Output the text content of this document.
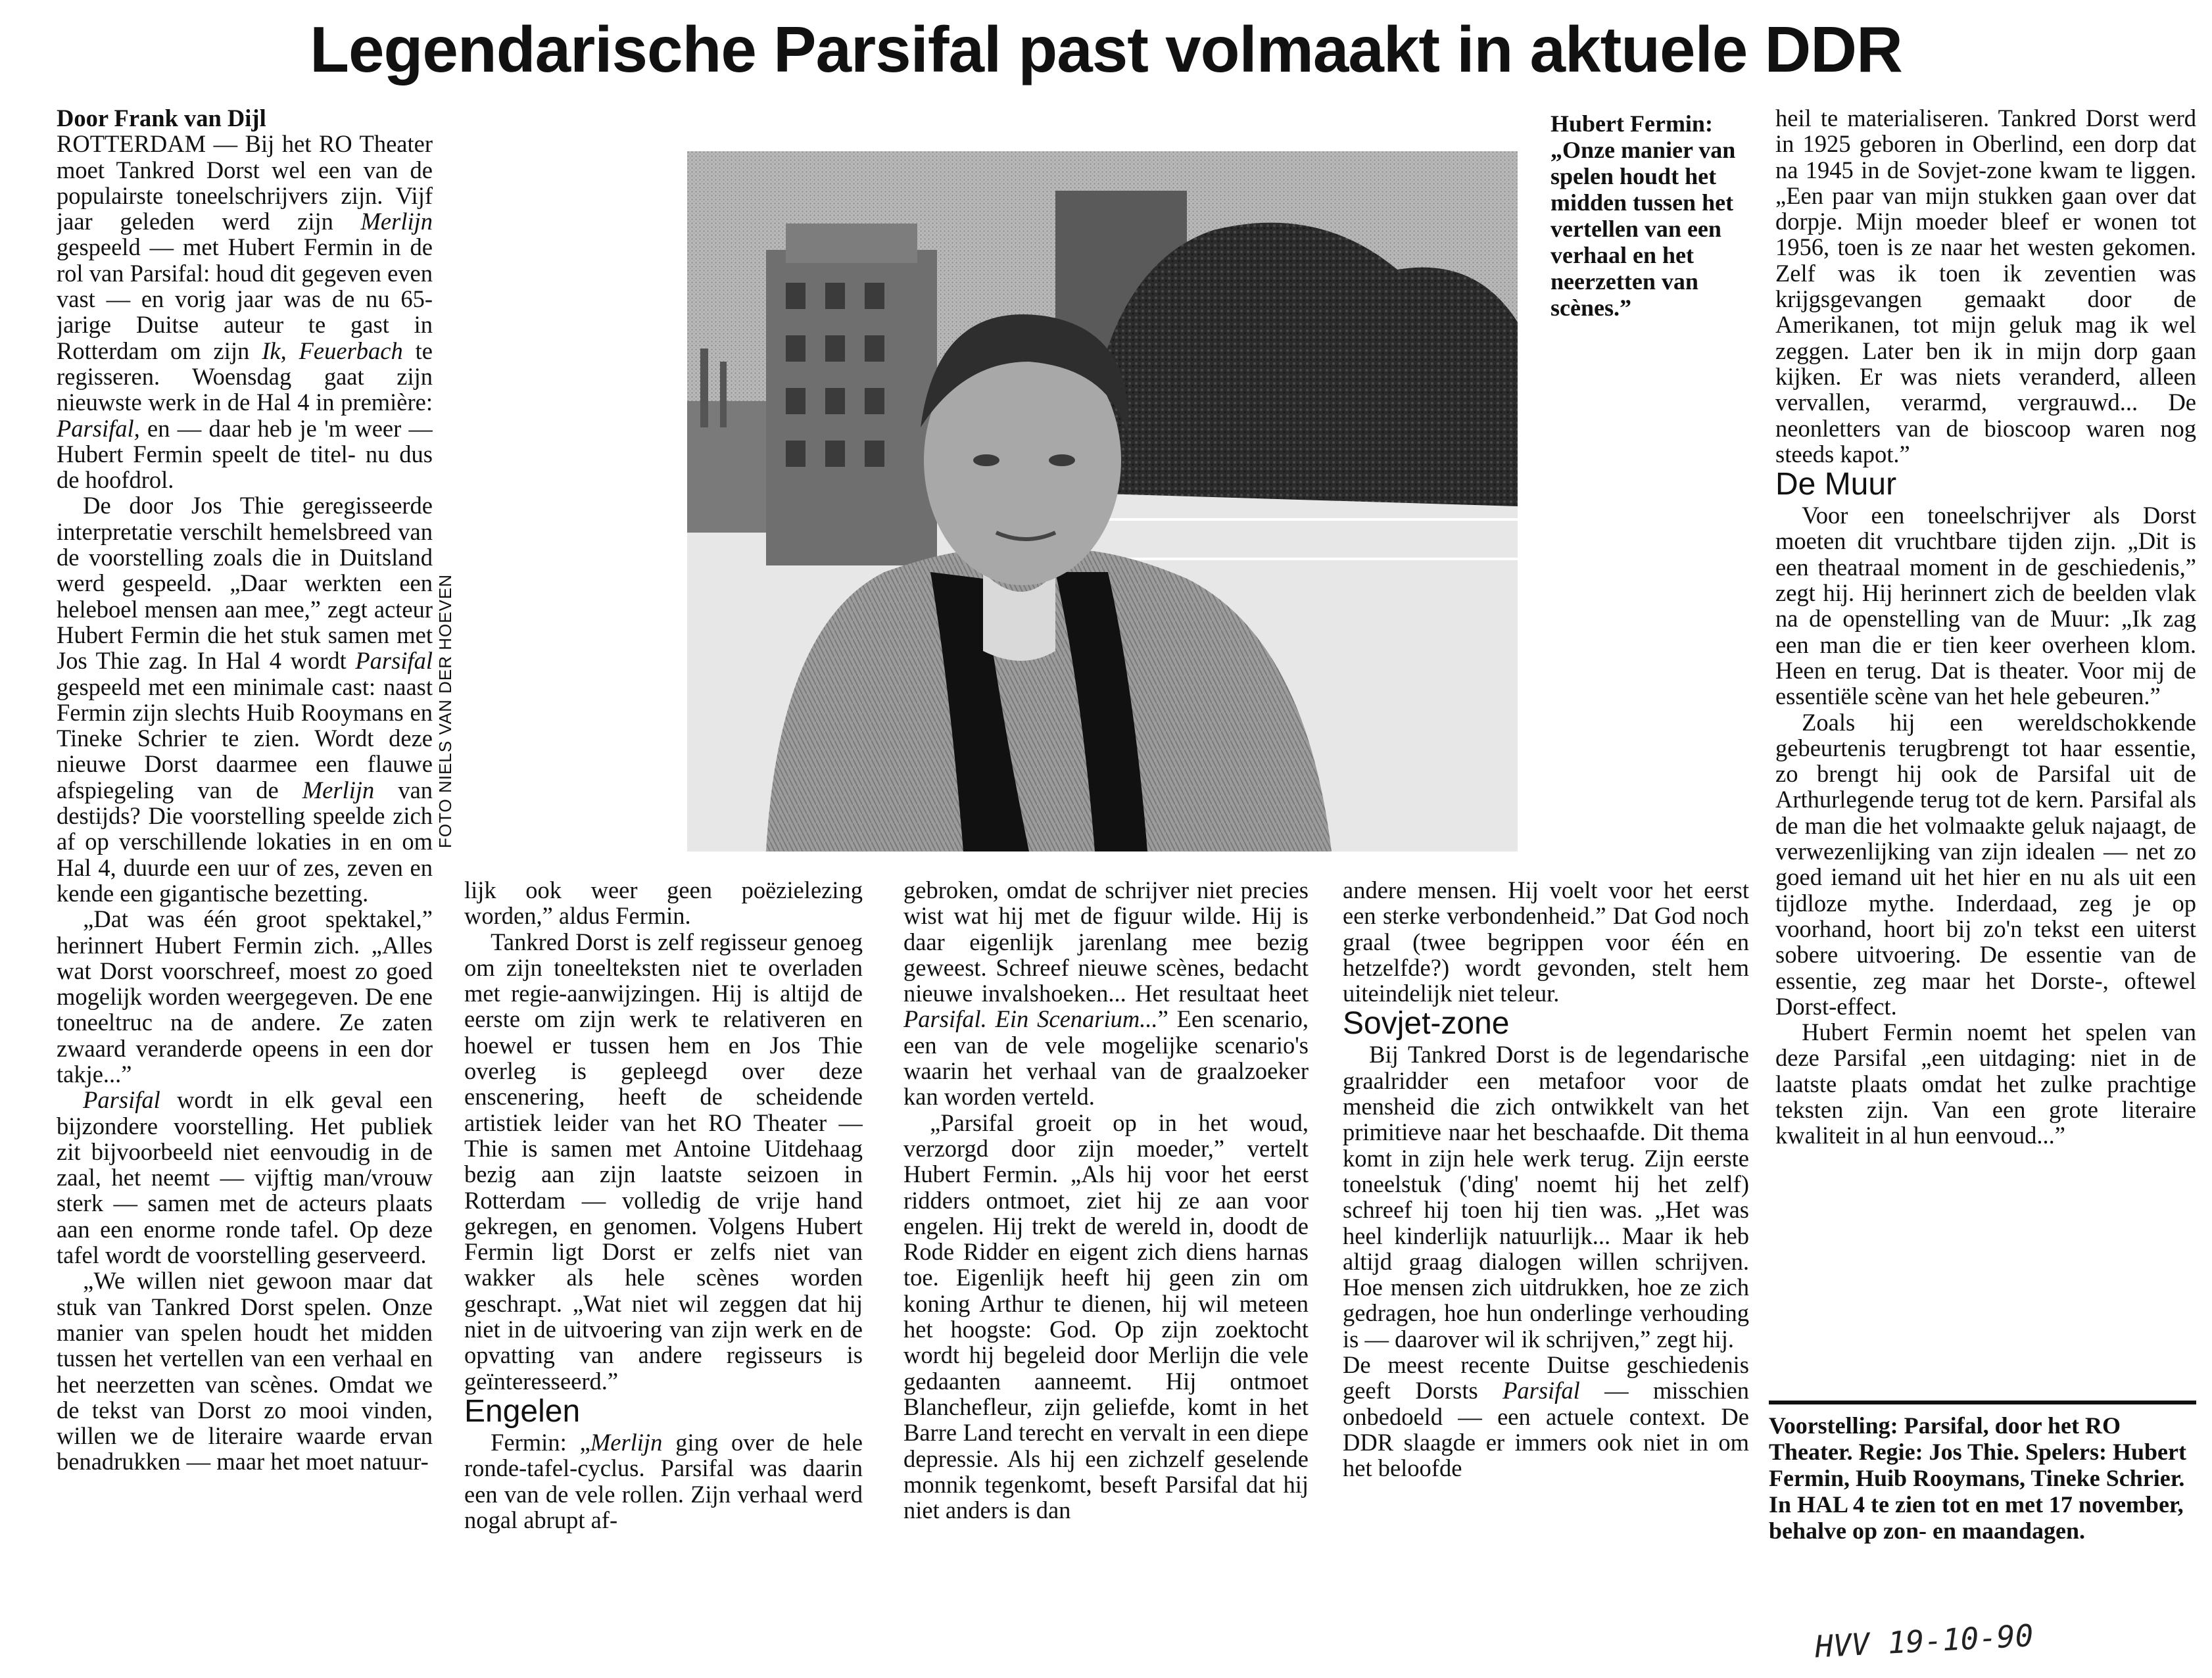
Legendarische Parsifal past volmaakt in aktuele DDR

Door Frank van Dijl

ROTTERDAM — Bij het RO Theater moet Tankred Dorst wel een van de populairste toneelschrijvers zijn. Vijf jaar geleden werd zijn Merlijn gespeeld — met Hubert Fermin in de rol van Parsifal: houd dit gegeven even vast — en vorig jaar was de nu 65-jarige Duitse auteur te gast in Rotterdam om zijn Ik, Feuerbach te regisseren. Woensdag gaat zijn nieuwste werk in de Hal 4 in première: Parsifal, en — daar heb je 'm weer — Hubert Fermin speelt de titel- nu dus de hoofdrol.

De door Jos Thie geregisseerde interpretatie verschilt hemelsbreed van de voorstelling zoals die in Duitsland werd gespeeld. „Daar werkten een heleboel mensen aan mee,” zegt acteur Hubert Fermin die het stuk samen met Jos Thie zag. In Hal 4 wordt Parsifal gespeeld met een minimale cast: naast Fermin zijn slechts Huib Rooymans en Tineke Schrier te zien. Wordt deze nieuwe Dorst daarmee een flauwe afspiegeling van de Merlijn van destijds? Die voorstelling speelde zich af op verschillende lokaties in en om Hal 4, duurde een uur of zes, zeven en kende een gigantische bezetting.

„Dat was één groot spektakel,” herinnert Hubert Fermin zich. „Alles wat Dorst voorschreef, moest zo goed mogelijk worden weergegeven. De ene toneeltruc na de andere. Ze zaten zwaard veranderde opeens in een dor takje...”

Parsifal wordt in elk geval een bijzondere voorstelling. Het publiek zit bijvoorbeeld niet eenvoudig in de zaal, het neemt — vijftig man/vrouw sterk — samen met de acteurs plaats aan een enorme ronde tafel. Op deze tafel wordt de voorstelling geserveerd.

„We willen niet gewoon maar dat stuk van Tankred Dorst spelen. Onze manier van spelen houdt het midden tussen het vertellen van een verhaal en het neerzetten van scènes. Omdat we de tekst van Dorst zo mooi vinden, willen we de literaire waarde ervan benadrukken — maar het moet natuur-

FOTO NIELS VAN DER HOEVEN
Hubert Fermin: „Onze manier van spelen houdt het midden tussen het vertellen van een verhaal en het neerzetten van scènes.”

lijk ook weer geen poëzielezing worden,” aldus Fermin.

Tankred Dorst is zelf regisseur genoeg om zijn toneelteksten niet te overladen met regie-aanwijzingen. Hij is altijd de eerste om zijn werk te relativeren en hoewel er tussen hem en Jos Thie overleg is gepleegd over deze enscenering, heeft de scheidende artistiek leider van het RO Theater — Thie is samen met Antoine Uitdehaag bezig aan zijn laatste seizoen in Rotterdam — volledig de vrije hand gekregen, en genomen. Volgens Hubert Fermin ligt Dorst er zelfs niet van wakker als hele scènes worden geschrapt. „Wat niet wil zeggen dat hij niet in de uitvoering van zijn werk en de opvatting van andere regisseurs is geïnteresseerd.”

Engelen

Fermin: „Merlijn ging over de hele ronde-tafel-cyclus. Parsifal was daarin een van de vele rollen. Zijn verhaal werd nogal abrupt af-

gebroken, omdat de schrijver niet precies wist wat hij met de figuur wilde. Hij is daar eigenlijk jarenlang mee bezig geweest. Schreef nieuwe scènes, bedacht nieuwe invalshoeken... Het resultaat heet Parsifal. Ein Scenarium...” Een scenario, een van de vele mogelijke scenario's waarin het verhaal van de graalzoeker kan worden verteld.

„Parsifal groeit op in het woud, verzorgd door zijn moeder,” vertelt Hubert Fermin. „Als hij voor het eerst ridders ontmoet, ziet hij ze aan voor engelen. Hij trekt de wereld in, doodt de Rode Ridder en eigent zich diens harnas toe. Eigenlijk heeft hij geen zin om koning Arthur te dienen, hij wil meteen het hoogste: God. Op zijn zoektocht wordt hij begeleid door Merlijn die vele gedaanten aanneemt. Hij ontmoet Blanchefleur, zijn geliefde, komt in het Barre Land terecht en vervalt in een diepe depressie. Als hij een zichzelf geselende monnik tegenkomt, beseft Parsifal dat hij niet anders is dan

andere mensen. Hij voelt voor het eerst een sterke verbondenheid.” Dat God noch graal (twee begrippen voor één en hetzelfde?) wordt gevonden, stelt hem uiteindelijk niet teleur.

Sovjet-zone

Bij Tankred Dorst is de legendarische graalridder een metafoor voor de mensheid die zich ontwikkelt van het primitieve naar het beschaafde. Dit thema komt in zijn hele werk terug. Zijn eerste toneelstuk ('ding' noemt hij het zelf) schreef hij toen hij tien was. „Het was heel kinderlijk natuurlijk... Maar ik heb altijd graag dialogen willen schrijven. Hoe mensen zich uitdrukken, hoe ze zich gedragen, hoe hun onderlinge verhouding is — daarover wil ik schrijven,” zegt hij.

De meest recente Duitse geschiedenis geeft Dorsts Parsifal — misschien onbedoeld — een actuele context. De DDR slaagde er immers ook niet in om het beloofde

heil te materialiseren. Tankred Dorst werd in 1925 geboren in Oberlind, een dorp dat na 1945 in de Sovjet-zone kwam te liggen. „Een paar van mijn stukken gaan over dat dorpje. Mijn moeder bleef er wonen tot 1956, toen is ze naar het westen gekomen. Zelf was ik toen ik zeventien was krijgsgevangen gemaakt door de Amerikanen, tot mijn geluk mag ik wel zeggen. Later ben ik in mijn dorp gaan kijken. Er was niets veranderd, alleen vervallen, verarmd, vergrauwd... De neonletters van de bioscoop waren nog steeds kapot.”

De Muur

Voor een toneelschrijver als Dorst moeten dit vruchtbare tijden zijn. „Dit is een theatraal moment in de geschiedenis,” zegt hij. Hij herinnert zich de beelden vlak na de openstelling van de Muur: „Ik zag een man die er tien keer overheen klom. Heen en terug. Dat is theater. Voor mij de essentiële scène van het hele gebeuren.”

Zoals hij een wereldschokkende gebeurtenis terugbrengt tot haar essentie, zo brengt hij ook de Parsifal uit de Arthurlegende terug tot de kern. Parsifal als de man die het volmaakte geluk najaagt, de verwezenlijking van zijn idealen — net zo goed iemand uit het hier en nu als uit een tijdloze mythe. Inderdaad, zeg je op voorhand, hoort bij zo'n tekst een uiterst sobere uitvoering. De essentie van de essentie, zeg maar het Dorste-, oftewel Dorst-effect.

Hubert Fermin noemt het spelen van deze Parsifal „een uitdaging: niet in de laatste plaats omdat het zulke prachtige teksten zijn. Van een grote literaire kwaliteit in al hun eenvoud...”

Voorstelling: Parsifal, door het RO Theater. Regie: Jos Thie. Spelers: Hubert Fermin, Huib Rooymans, Tineke Schrier. In HAL 4 te zien tot en met 17 november, behalve op zon- en maandagen.
HVV 19-10-90
